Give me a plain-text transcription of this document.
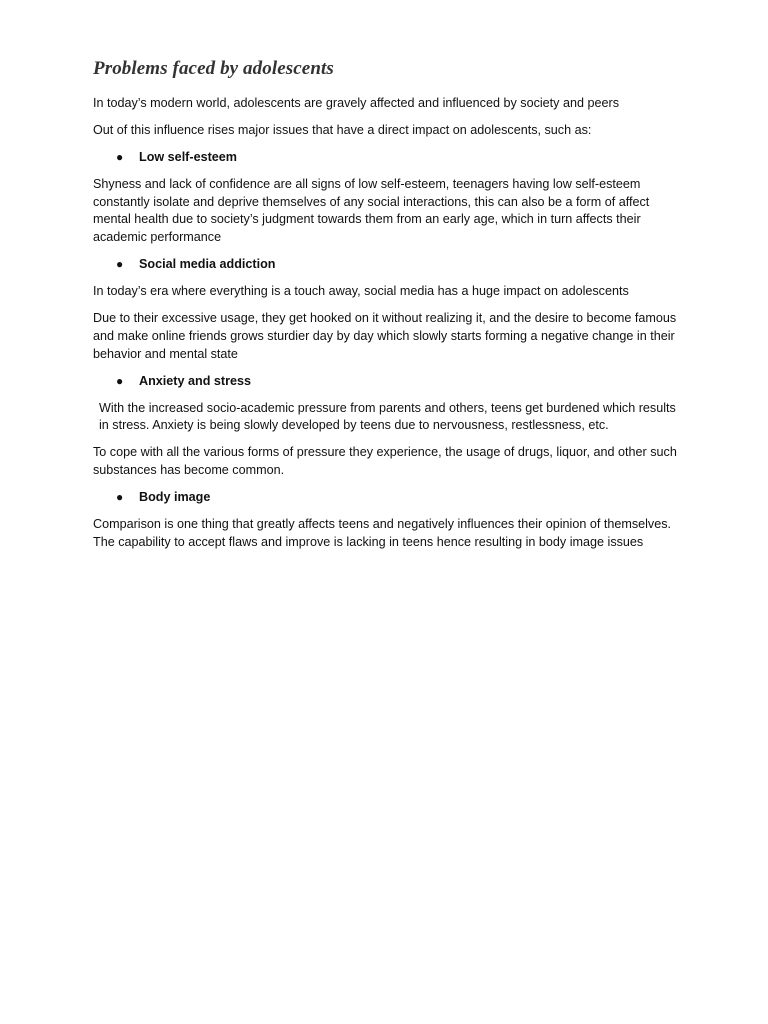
Problems faced by adolescents

In today’s modern world, adolescents are gravely affected and influenced by society and peers

Out of this influence rises major issues that have a direct impact on adolescents, such as:

● Low self-esteem

Shyness and lack of confidence are all signs of low self-esteem, teenagers having low self-esteem constantly isolate and deprive themselves of any social interactions, this can also be a form of affect mental health due to society’s judgment towards them from an early age, which in turn affects their academic performance

● Social media addiction

In today’s era where everything is a touch away, social media has a huge impact on adolescents

Due to their excessive usage, they get hooked on it without realizing it, and the desire to become famous and make online friends grows sturdier day by day which slowly starts forming a negative change in their behavior and mental state

● Anxiety and stress

With the increased socio-academic pressure from parents and others, teens get burdened which results in stress. Anxiety is being slowly developed by teens due to nervousness, restlessness, etc.

To cope with all the various forms of pressure they experience, the usage of drugs, liquor, and other such substances has become common.

● Body image

Comparison is one thing that greatly affects teens and negatively influences their opinion of themselves. The capability to accept flaws and improve is lacking in teens hence resulting in body image issues
